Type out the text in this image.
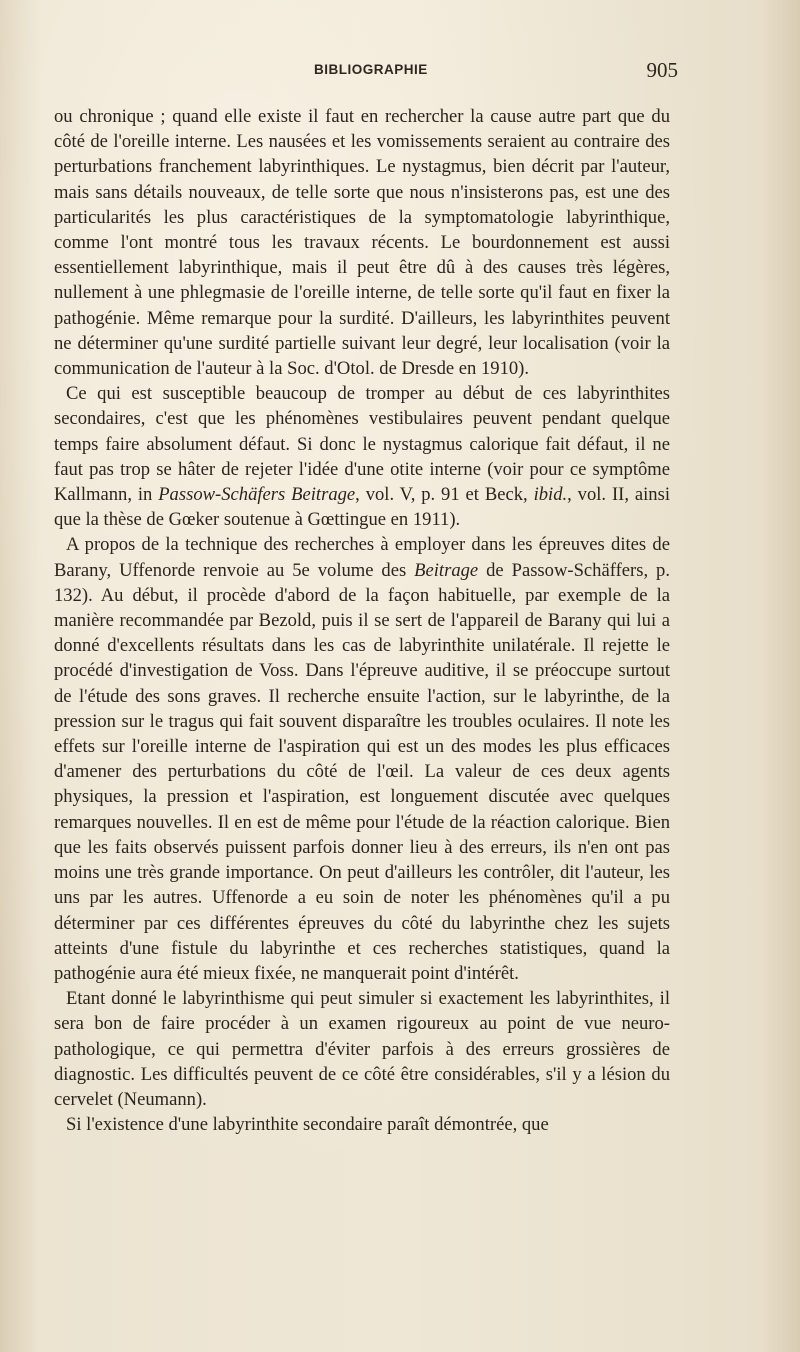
BIBLIOGRAPHIE	905

ou chronique ; quand elle existe il faut en rechercher la cause autre part que du côté de l'oreille interne. Les nausées et les vomissements seraient au contraire des perturbations franchement labyrinthiques. Le nystagmus, bien décrit par l'auteur, mais sans détails nouveaux, de telle sorte que nous n'insisterons pas, est une des particularités les plus caractéristiques de la symptomatologie labyrinthique, comme l'ont montré tous les travaux récents. Le bourdonnement est aussi essentiellement labyrinthique, mais il peut être dû à des causes très légères, nullement à une phlegmasie de l'oreille interne, de telle sorte qu'il faut en fixer la pathogénie. Même remarque pour la surdité. D'ailleurs, les labyrinthites peuvent ne déterminer qu'une surdité partielle suivant leur degré, leur localisation (voir la communication de l'auteur à la Soc. d'Otol. de Dresde en 1910).

Ce qui est susceptible beaucoup de tromper au début de ces labyrinthites secondaires, c'est que les phénomènes vestibulaires peuvent pendant quelque temps faire absolument défaut. Si donc le nystagmus calorique fait défaut, il ne faut pas trop se hâter de rejeter l'idée d'une otite interne (voir pour ce symptôme Kallmann, in Passow-Schäfers Beitrage, vol. V, p. 91 et Beck, ibid., vol. II, ainsi que la thèse de Gœker soutenue à Gœttingue en 1911).

A propos de la technique des recherches à employer dans les épreuves dites de Barany, Uffenorde renvoie au 5e volume des Beitrage de Passow-Schäffers, p. 132). Au début, il procède d'abord de la façon habituelle, par exemple de la manière recommandée par Bezold, puis il se sert de l'appareil de Barany qui lui a donné d'excellents résultats dans les cas de labyrinthite unilatérale. Il rejette le procédé d'investigation de Voss. Dans l'épreuve auditive, il se préoccupe surtout de l'étude des sons graves. Il recherche ensuite l'action, sur le labyrinthe, de la pression sur le tragus qui fait souvent disparaître les troubles oculaires. Il note les effets sur l'oreille interne de l'aspiration qui est un des modes les plus efficaces d'amener des perturbations du côté de l'œil. La valeur de ces deux agents physiques, la pression et l'aspiration, est longuement discutée avec quelques remarques nouvelles. Il en est de même pour l'étude de la réaction calorique. Bien que les faits observés puissent parfois donner lieu à des erreurs, ils n'en ont pas moins une très grande importance. On peut d'ailleurs les contrôler, dit l'auteur, les uns par les autres. Uffenorde a eu soin de noter les phénomènes qu'il a pu déterminer par ces différentes épreuves du côté du labyrinthe chez les sujets atteints d'une fistule du labyrinthe et ces recherches statistiques, quand la pathogénie aura été mieux fixée, ne manquerait point d'intérêt.

Etant donné le labyrinthisme qui peut simuler si exactement les labyrinthites, il sera bon de faire procéder à un examen rigoureux au point de vue neuro-pathologique, ce qui permettra d'éviter parfois à des erreurs grossières de diagnostic. Les difficultés peuvent de ce côté être considérables, s'il y a lésion du cervelet (Neumann).

Si l'existence d'une labyrinthite secondaire paraît démontrée, que
